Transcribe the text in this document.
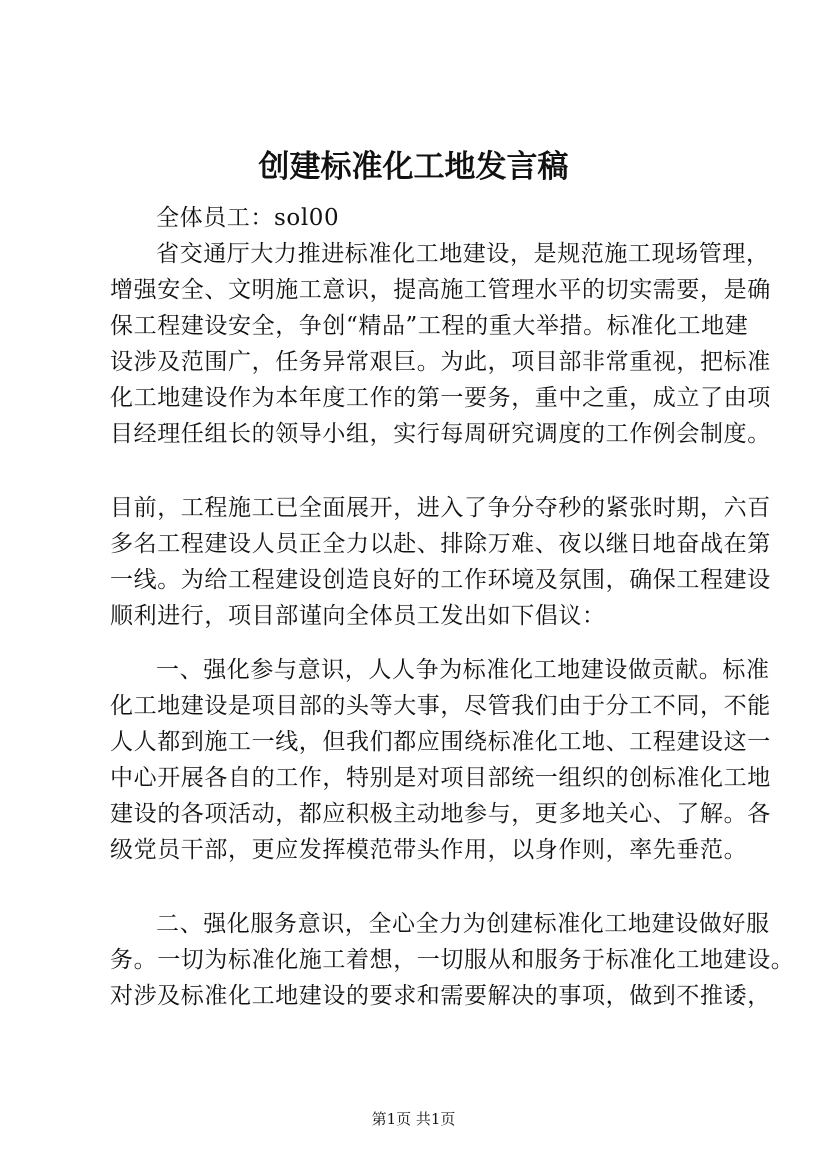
创建标准化工地发言稿
全体员工：sol00
省交通厅大力推进标准化工地建设，是规范施工现场管理，
增强安全、文明施工意识，提高施工管理水平的切实需要，是确
保工程建设安全，争创“精品”工程的重大举措。标准化工地建
设涉及范围广，任务异常艰巨。为此，项目部非常重视，把标准
化工地建设作为本年度工作的第一要务，重中之重，成立了由项
目经理任组长的领导小组，实行每周研究调度的工作例会制度。
目前，工程施工已全面展开，进入了争分夺秒的紧张时期，六百
多名工程建设人员正全力以赴、排除万难、夜以继日地奋战在第
一线。为给工程建设创造良好的工作环境及氛围，确保工程建设
顺利进行，项目部谨向全体员工发出如下倡议：
一、强化参与意识，人人争为标准化工地建设做贡献。标准
化工地建设是项目部的头等大事，尽管我们由于分工不同，不能
人人都到施工一线，但我们都应围绕标准化工地、工程建设这一
中心开展各自的工作，特别是对项目部统一组织的创标准化工地
建设的各项活动，都应积极主动地参与，更多地关心、了解。各
级党员干部，更应发挥模范带头作用，以身作则，率先垂范。
二、强化服务意识，全心全力为创建标准化工地建设做好服
务。一切为标准化施工着想，一切服从和服务于标准化工地建设。
对涉及标准化工地建设的要求和需要解决的事项，做到不推诿，
第1页 共1页
